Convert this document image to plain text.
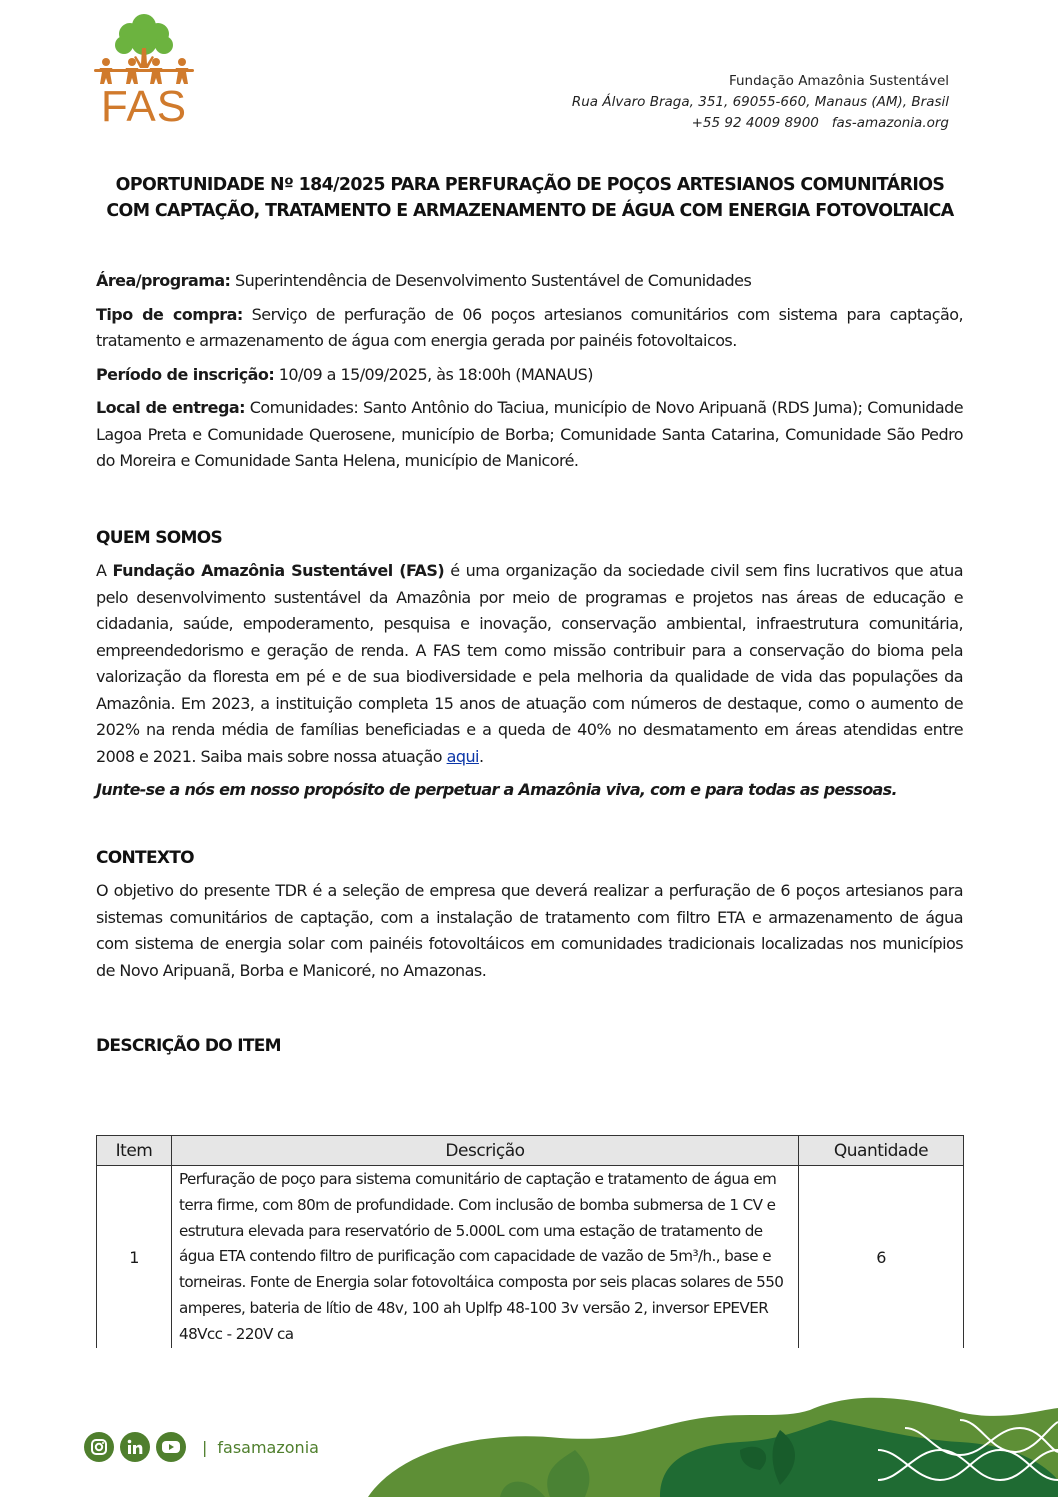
FAS
Fundação Amazônia Sustentável
Rua Álvaro Braga, 351, 69055-660, Manaus (AM), Brasil
+55 92 4009 8900 fas-amazonia.org
OPORTUNIDADE Nº 184/2025 PARA PERFURAÇÃO DE POÇOS ARTESIANOS COMUNITÁRIOS
COM CAPTAÇÃO, TRATAMENTO E ARMAZENAMENTO DE ÁGUA COM ENERGIA FOTOVOLTAICA

Área/programa: Superintendência de Desenvolvimento Sustentável de Comunidades

Tipo de compra: Serviço de perfuração de 06 poços artesianos comunitários com sistema para captação, tratamento e armazenamento de água com energia gerada por painéis fotovoltaicos.

Período de inscrição: 10/09 a 15/09/2025, às 18:00h (MANAUS)

Local de entrega: Comunidades: Santo Antônio do Taciua, município de Novo Aripuanã (RDS Juma); Comunidade Lagoa Preta e Comunidade Querosene, município de Borba; Comunidade Santa Catarina, Comunidade São Pedro do Moreira e Comunidade Santa Helena, município de Manicoré.

QUEM SOMOS

A Fundação Amazônia Sustentável (FAS) é uma organização da sociedade civil sem fins lucrativos que atua pelo desenvolvimento sustentável da Amazônia por meio de programas e projetos nas áreas de educação e cidadania, saúde, empoderamento, pesquisa e inovação, conservação ambiental, infraestrutura comunitária, empreendedorismo e geração de renda. A FAS tem como missão contribuir para a conservação do bioma pela valorização da floresta em pé e de sua biodiversidade e pela melhoria da qualidade de vida das populações da Amazônia. Em 2023, a instituição completa 15 anos de atuação com números de destaque, como o aumento de 202% na renda média de famílias beneficiadas e a queda de 40% no desmatamento em áreas atendidas entre 2008 e 2021. Saiba mais sobre nossa atuação aqui.

Junte-se a nós em nosso propósito de perpetuar a Amazônia viva, com e para todas as pessoas.

CONTEXTO

O objetivo do presente TDR é a seleção de empresa que deverá realizar a perfuração de 6 poços artesianos para sistemas comunitários de captação, com a instalação de tratamento com filtro ETA e armazenamento de água com sistema de energia solar com painéis fotovoltáicos em comunidades tradicionais localizadas nos municípios de Novo Aripuanã, Borba e Manicoré, no Amazonas.

DESCRIÇÃO DO ITEM
Item	Descrição	Quantidade
1	Perfuração de poço para sistema comunitário de captação e tratamento de água em terra firme, com 80m de profundidade. Com inclusão de bomba submersa de 1 CV e estrutura elevada para reservatório de 5.000L com uma estação de tratamento de água ETA contendo filtro de purificação com capacidade de vazão de 5m³/h., base e torneiras. Fonte de Energia solar fotovoltáica composta por seis placas solares de 550 amperes, bateria de lítio de 48v, 100 ah Uplfp 48-100 3v versão 2, inversor EPEVER 48Vcc - 220V ca	6
| fasamazonia
